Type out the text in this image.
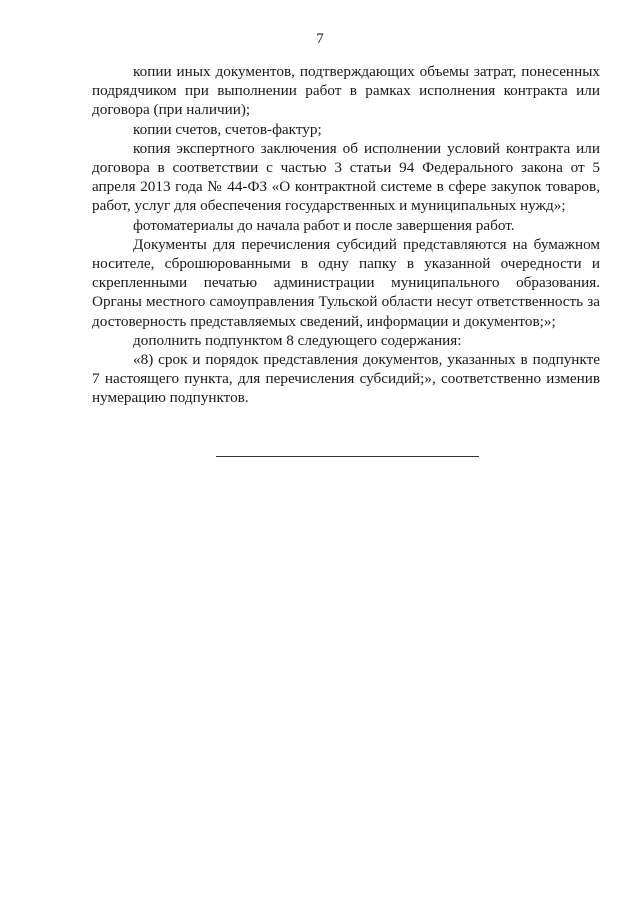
7

копии иных документов, подтверждающих объемы затрат, понесенных подрядчиком при выполнении работ в рамках исполнения контракта или договора (при наличии);

копии счетов, счетов-фактур;

копия экспертного заключения об исполнении условий контракта или договора в соответствии с частью 3 статьи 94 Федерального закона от 5 апреля 2013 года № 44-ФЗ «О контрактной системе в сфере закупок товаров, работ, услуг для обеспечения государственных и муниципальных нужд»;

фотоматериалы до начала работ и после завершения работ.

Документы для перечисления субсидий представляются на бумажном носителе, сброшюрованными в одну папку в указанной очередности и скрепленными печатью администрации муниципального образования. Органы местного самоуправления Тульской области несут ответственность за достоверность представляемых сведений, информации и документов;»;

дополнить подпунктом 8 следующего содержания:

«8) срок и порядок представления документов, указанных в подпункте 7 настоящего пункта, для перечисления субсидий;», соответственно изменив нумерацию подпунктов.
